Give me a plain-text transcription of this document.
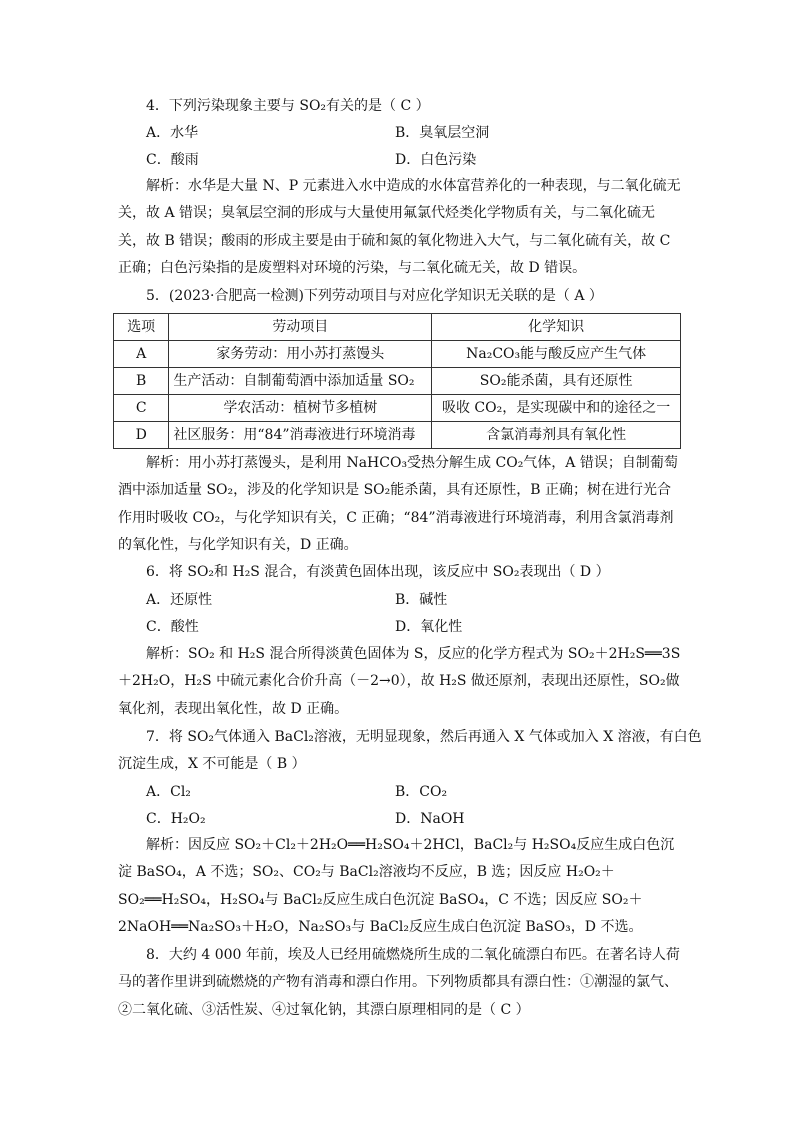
4．下列污染现象主要与 SO₂有关的是（ C ）
A．水华	B．臭氧层空洞
C．酸雨	D．白色污染
解析：水华是大量 N、P 元素进入水中造成的水体富营养化的一种表现，与二氧化硫无关，故 A 错误；臭氧层空洞的形成与大量使用氟氯代烃类化学物质有关，与二氧化硫无关，故 B 错误；酸雨的形成主要是由于硫和氮的氧化物进入大气，与二氧化硫有关，故 C 正确；白色污染指的是废塑料对环境的污染，与二氧化硫无关，故 D 错误。
5．(2023·合肥高一检测)下列劳动项目与对应化学知识无关联的是（ A ）
选项	劳动项目	化学知识
A	家务劳动：用小苏打蒸馒头	Na₂CO₃能与酸反应产生气体
B	生产活动：自制葡萄酒中添加适量 SO₂	SO₂能杀菌，具有还原性
C	学农活动：植树节多植树	吸收 CO₂，是实现碳中和的途径之一
D	社区服务：用“84”消毒液进行环境消毒	含氯消毒剂具有氧化性
解析：用小苏打蒸馒头，是利用 NaHCO₃受热分解生成 CO₂气体，A 错误；自制葡萄酒中添加适量 SO₂，涉及的化学知识是 SO₂能杀菌，具有还原性，B 正确；树在进行光合作用时吸收 CO₂，与化学知识有关，C 正确；“84”消毒液进行环境消毒，利用含氯消毒剂的氧化性，与化学知识有关，D 正确。
6．将 SO₂和 H₂S 混合，有淡黄色固体出现，该反应中 SO₂表现出（ D ）
A．还原性	B．碱性
C．酸性	D．氧化性
解析：SO₂ 和 H₂S 混合所得淡黄色固体为 S，反应的化学方程式为 SO₂＋2H₂S══3S＋2H₂O，H₂S 中硫元素化合价升高（－2→0），故 H₂S 做还原剂，表现出还原性，SO₂做氧化剂，表现出氧化性，故 D 正确。
7．将 SO₂气体通入 BaCl₂溶液，无明显现象，然后再通入 X 气体或加入 X 溶液，有白色
沉淀生成，X 不可能是（ B ）
A．Cl₂	B．CO₂
C．H₂O₂	D．NaOH
解析：因反应 SO₂＋Cl₂＋2H₂O══H₂SO₄＋2HCl，BaCl₂与 H₂SO₄反应生成白色沉淀 BaSO₄，A 不选；SO₂、CO₂与 BaCl₂溶液均不反应，B 选；因反应 H₂O₂＋SO₂══H₂SO₄，H₂SO₄与 BaCl₂反应生成白色沉淀 BaSO₄，C 不选；因反应 SO₂＋2NaOH══Na₂SO₃＋H₂O，Na₂SO₃与 BaCl₂反应生成白色沉淀 BaSO₃，D 不选。
8．大约 4 000 年前，埃及人已经用硫燃烧所生成的二氧化硫漂白布匹。在著名诗人荷马的著作里讲到硫燃烧的产物有消毒和漂白作用。下列物质都具有漂白性：①潮湿的氯气、②二氧化硫、③活性炭、④过氧化钠，其漂白原理相同的是（ C ）
